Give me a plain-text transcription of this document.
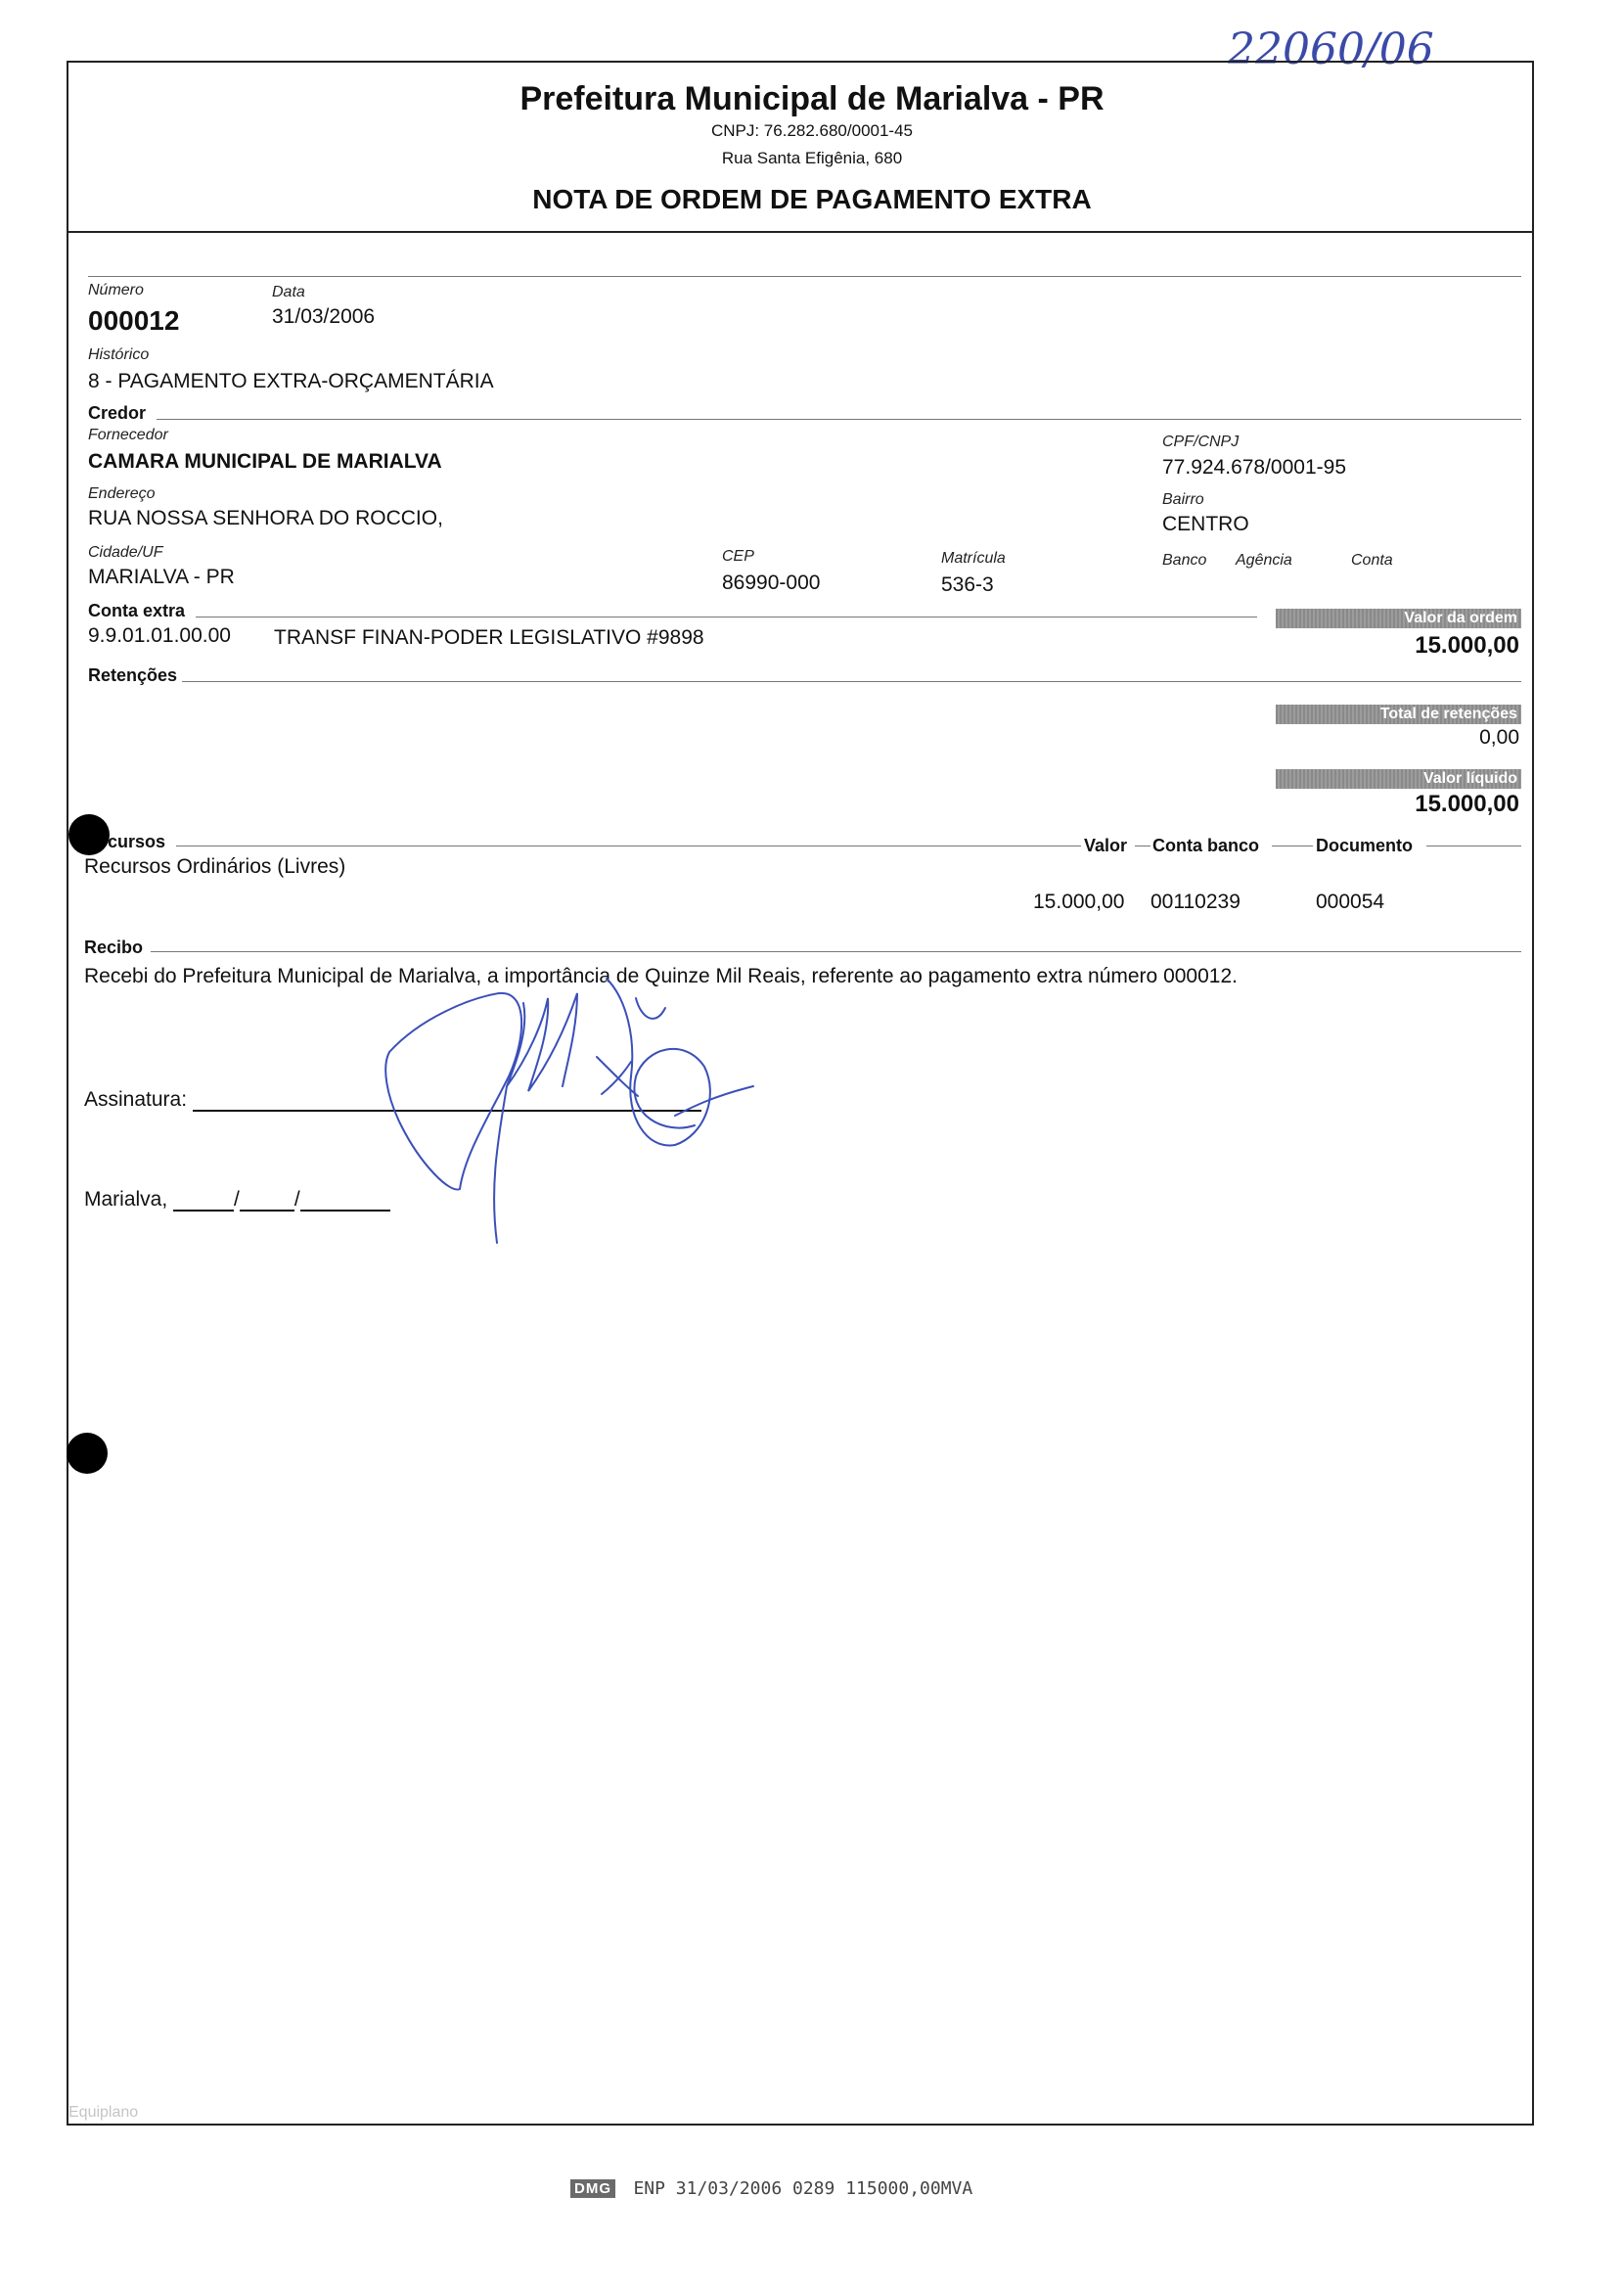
22060/06
Prefeitura Municipal de Marialva - PR
CNPJ: 76.282.680/0001-45
Rua Santa Efigênia, 680
NOTA DE ORDEM DE PAGAMENTO EXTRA
Número	Data
000012	31/03/2006
Histórico
8 - PAGAMENTO EXTRA-ORÇAMENTÁRIA
Credor
Fornecedor
CAMARA MUNICIPAL DE MARIALVA
CPF/CNPJ
77.924.678/0001-95
Endereço
RUA NOSSA SENHORA DO ROCCIO,
Bairro
CENTRO
Cidade/UF
MARIALVA - PR
CEP
86990-000
Matrícula
536-3
Banco Agência	Conta
Conta extra
9.9.01.01.00.00 TRANSF FINAN-PODER LEGISLATIVO #9898
Valor da ordem
15.000,00
Retenções
Total de retenções
0,00
Valor líquido
15.000,00
cursos	Valor Conta banco	Documento
Recursos Ordinários (Livres)
15.000,00 00110239	000054
Recibo
Recebi do Prefeitura Municipal de Marialva, a importância de Quinze Mil Reais, referente ao pagamento extra número 000012.
Assinatura:
Marialva,	/	/
Equiplano
DMG ENP 31/03/2006 0289 115000,00MVA
